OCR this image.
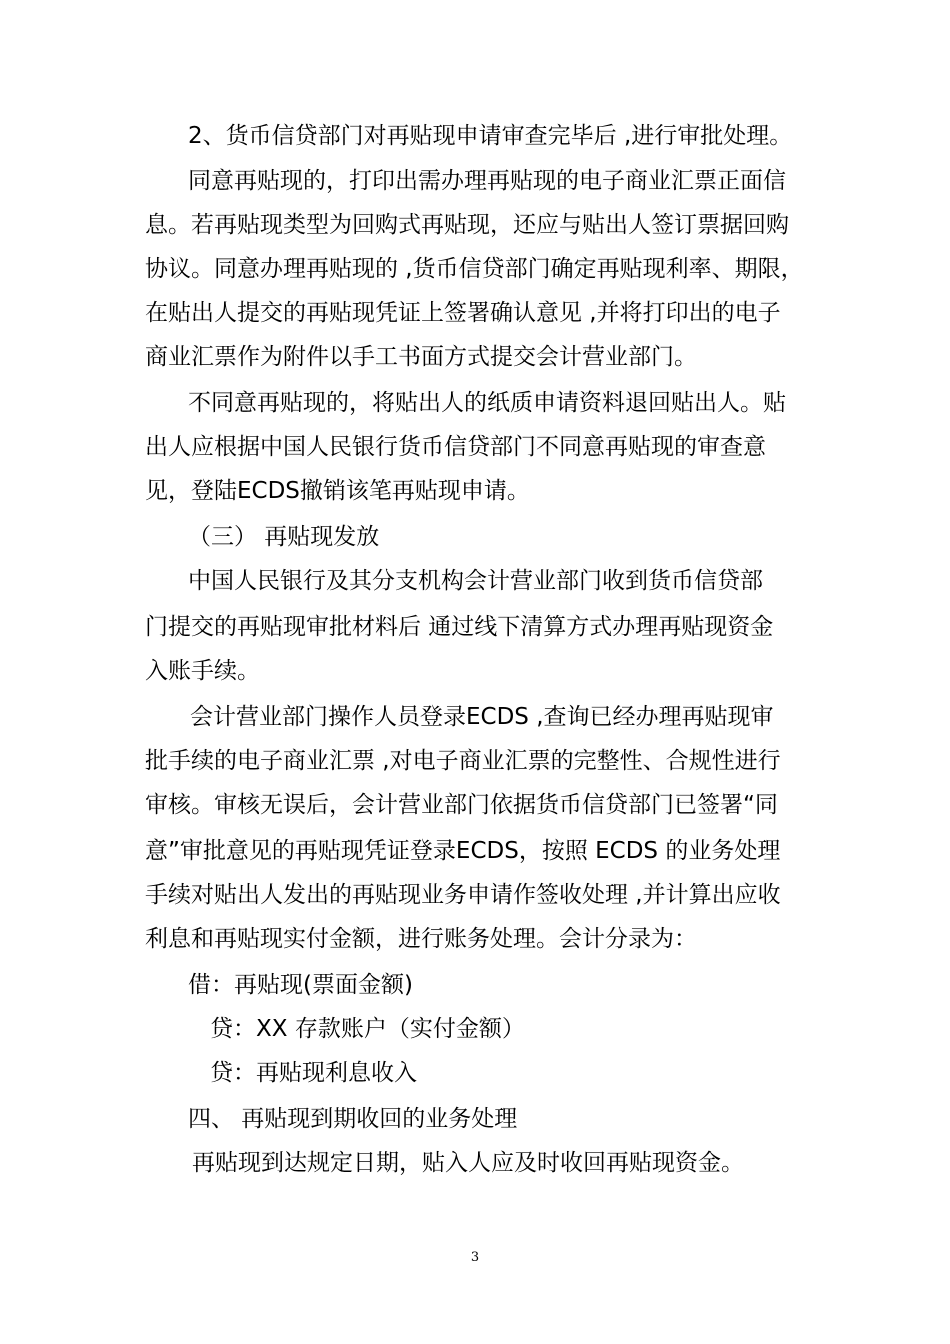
2、货币信贷部门对再贴现申请审查完毕后 ,进行审批处理。
同意再贴现的，打印出需办理再贴现的电子商业汇票正面信
息。若再贴现类型为回购式再贴现，还应与贴出人签订票据回购
协议。同意办理再贴现的 ,货币信贷部门确定再贴现利率、期限，
在贴出人提交的再贴现凭证上签署确认意见 ,并将打印出的电子
商业汇票作为附件以手工书面方式提交会计营业部门。
不同意再贴现的，将贴出人的纸质申请资料退回贴出人。贴
出人应根据中国人民银行货币信贷部门不同意再贴现的审查意
见，登陆ECDS撤销该笔再贴现申请。
（三） 再贴现发放
中国人民银行及其分支机构会计营业部门收到货币信贷部
门提交的再贴现审批材料后 通过线下清算方式办理再贴现资金
入账手续。
会计营业部门操作人员登录ECDS ,查询已经办理再贴现审
批手续的电子商业汇票 ,对电子商业汇票的完整性、合规性进行
审核。审核无误后，会计营业部门依据货币信贷部门已签署“同
意”审批意见的再贴现凭证登录ECDS，按照 ECDS 的业务处理
手续对贴出人发出的再贴现业务申请作签收处理 ,并计算出应收
利息和再贴现实付金额，进行账务处理。会计分录为：
借：再贴现(票面金额)
贷：XX 存款账户（实付金额）
贷：再贴现利息收入
四、 再贴现到期收回的业务处理
再贴现到达规定日期，贴入人应及时收回再贴现资金。
3
